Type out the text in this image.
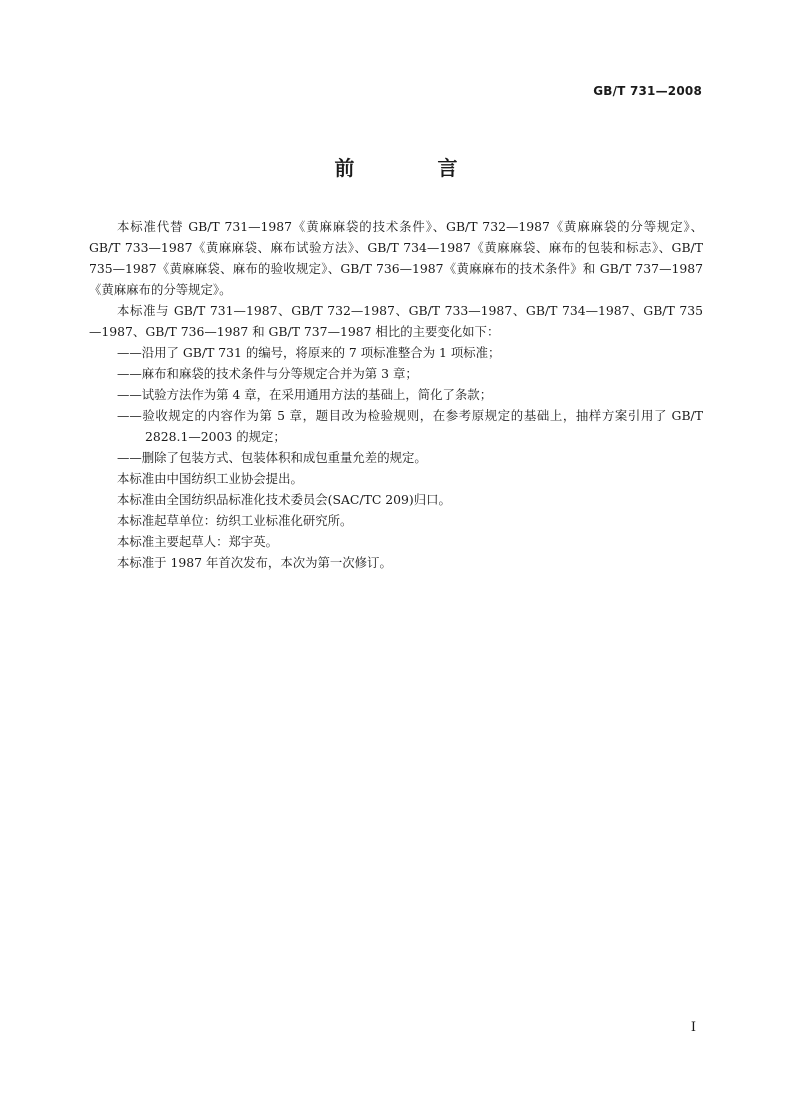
GB/T 731—2008
前 言

本标准代替 GB/T 731—1987《黄麻麻袋的技术条件》、GB/T 732—1987《黄麻麻袋的分等规定》、GB/T 733—1987《黄麻麻袋、麻布试验方法》、GB/T 734—1987《黄麻麻袋、麻布的包装和标志》、GB/T 735—1987《黄麻麻袋、麻布的验收规定》、GB/T 736—1987《黄麻麻布的技术条件》和 GB/T 737—1987《黄麻麻布的分等规定》。

本标准与 GB/T 731—1987、GB/T 732—1987、GB/T 733—1987、GB/T 734—1987、GB/T 735—1987、GB/T 736—1987 和 GB/T 737—1987 相比的主要变化如下：

——沿用了 GB/T 731 的编号，将原来的 7 项标准整合为 1 项标准；

——麻布和麻袋的技术条件与分等规定合并为第 3 章；

——试验方法作为第 4 章，在采用通用方法的基础上，简化了条款；

——验收规定的内容作为第 5 章，题目改为检验规则，在参考原规定的基础上，抽样方案引用了 GB/T 2828.1—2003 的规定；

——删除了包装方式、包装体积和成包重量允差的规定。

本标准由中国纺织工业协会提出。

本标准由全国纺织品标准化技术委员会(SAC/TC 209)归口。

本标准起草单位：纺织工业标准化研究所。

本标准主要起草人：郑宇英。

本标准于 1987 年首次发布，本次为第一次修订。

I
